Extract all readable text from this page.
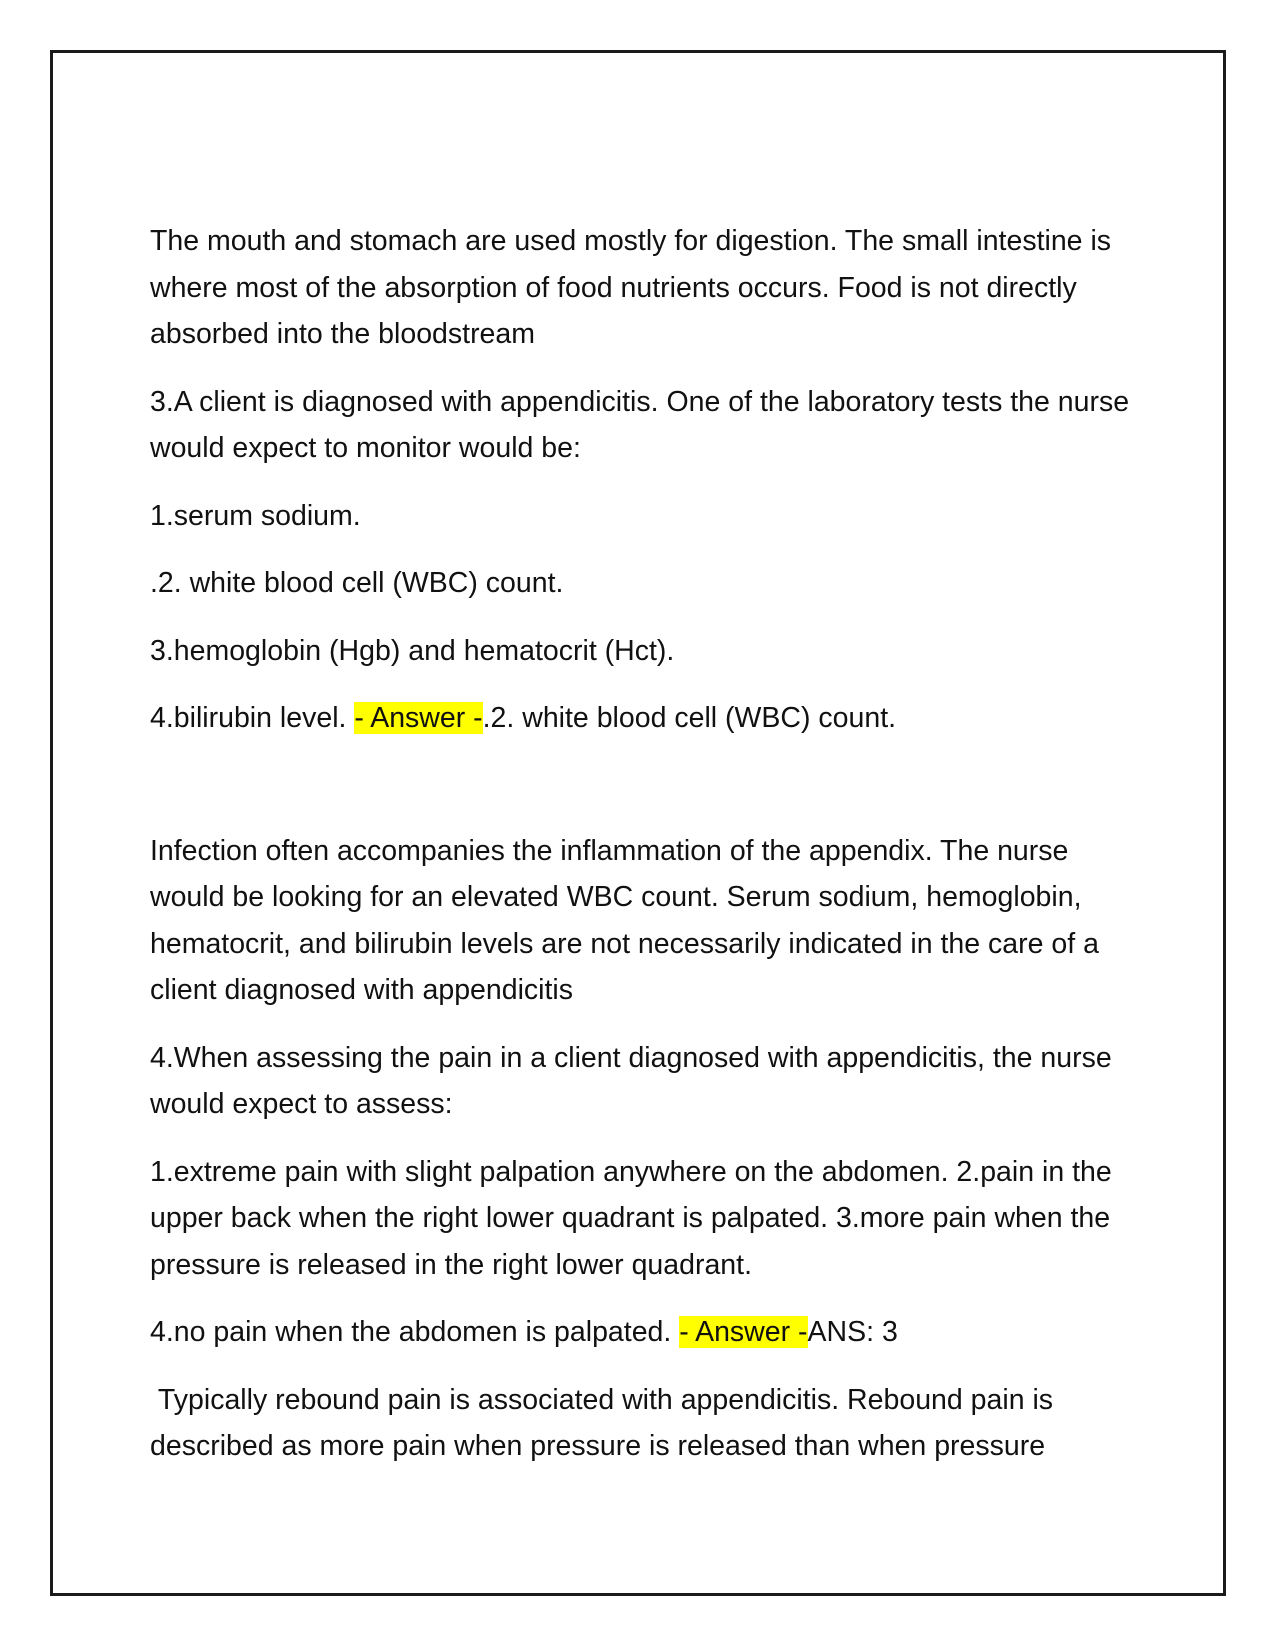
The mouth and stomach are used mostly for digestion. The small intestine is where most of the absorption of food nutrients occurs. Food is not directly absorbed into the bloodstream

3.A client is diagnosed with appendicitis. One of the laboratory tests the nurse would expect to monitor would be:

1.serum sodium.

.2. white blood cell (WBC) count.

3.hemoglobin (Hgb) and hematocrit (Hct).

4.bilirubin level. - Answer -.2. white blood cell (WBC) count.

Infection often accompanies the inflammation of the appendix. The nurse would be looking for an elevated WBC count. Serum sodium, hemoglobin, hematocrit, and bilirubin levels are not necessarily indicated in the care of a client diagnosed with appendicitis

4.When assessing the pain in a client diagnosed with appendicitis, the nurse would expect to assess:

1.extreme pain with slight palpation anywhere on the abdomen. 2.pain in the upper back when the right lower quadrant is palpated. 3.more pain when the pressure is released in the right lower quadrant.

4.no pain when the abdomen is palpated. - Answer -ANS: 3

Typically rebound pain is associated with appendicitis. Rebound pain is described as more pain when pressure is released than when pressure
